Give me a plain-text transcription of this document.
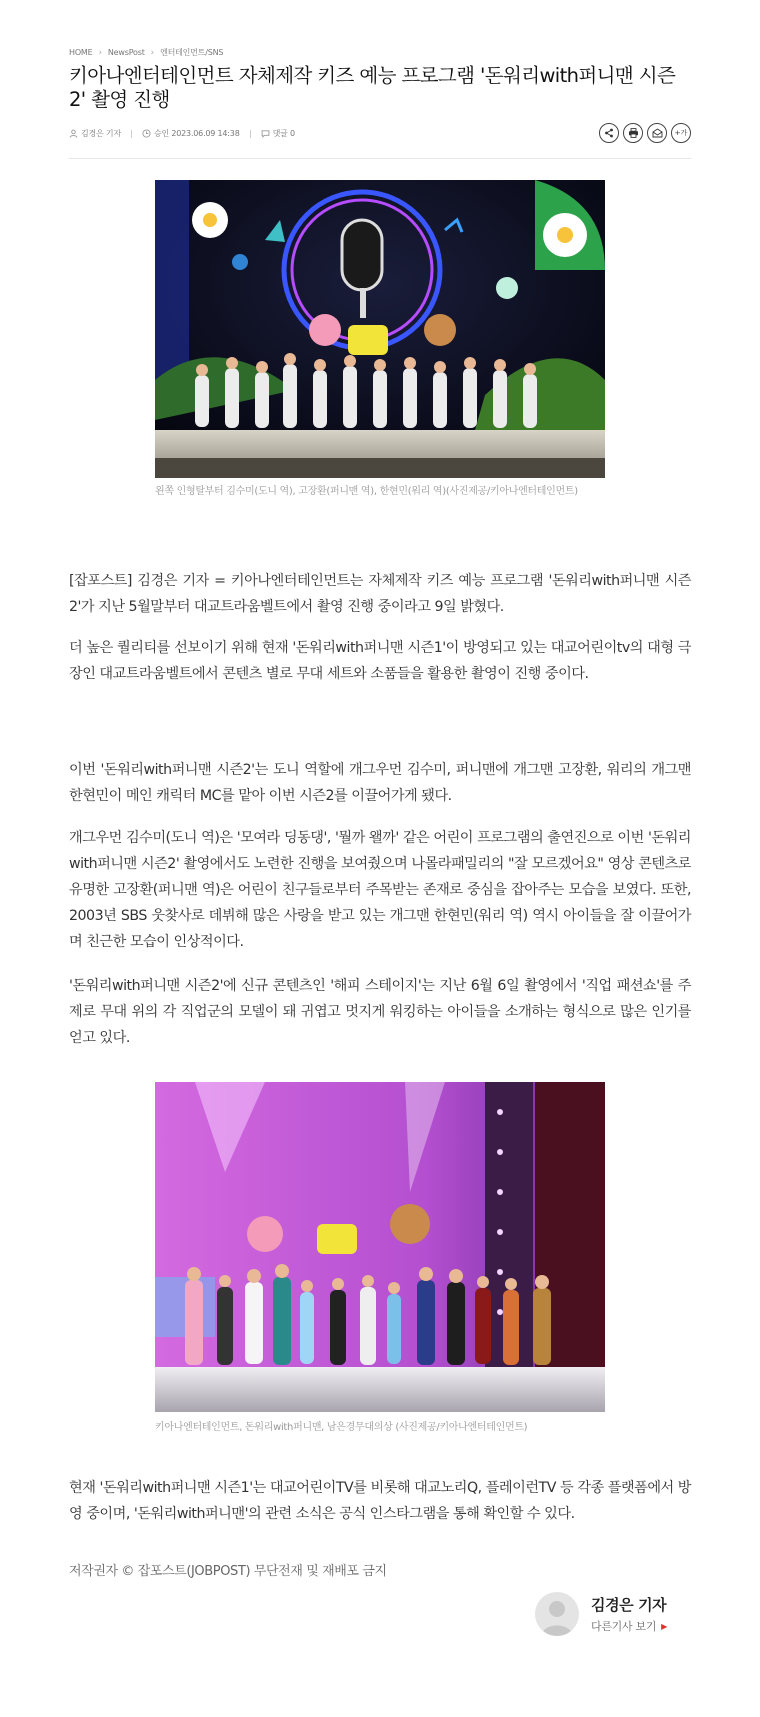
HOME › NewsPost › 엔터테인먼트/SNS
키아나엔터테인먼트 자체제작 키즈 예능 프로그램 '돈워리with퍼니맨 시즌2' 촬영 진행
김경은 기자	승인 2023.06.09 14:38	댓글 0	+가

왼쪽 인형탈부터 김수미(도니 역), 고장환(퍼니맨 역), 한현민(워리 역)(사진제공/키아나엔터테인먼트)

[잡포스트] 김경은 기자 = 키아나엔터테인먼트는 자체제작 키즈 예능 프로그램 '돈워리with퍼니맨 시즌2'가 지난 5월말부터 대교트라움벨트에서 촬영 진행 중이라고 9일 밝혔다.

더 높은 퀄리티를 선보이기 위해 현재 '돈워리with퍼니맨 시즌1'이 방영되고 있는 대교어린이tv의 대형 극장인 대교트라움벨트에서 콘텐츠 별로 무대 세트와 소품들을 활용한 촬영이 진행 중이다.

이번 '돈워리with퍼니맨 시즌2'는 도니 역할에 개그우먼 김수미, 퍼니맨에 개그맨 고장환, 워리의 개그맨 한현민이 메인 캐릭터 MC를 맡아 이번 시즌2를 이끌어가게 됐다.

개그우먼 김수미(도니 역)은 '모여라 딩동댕', '뭘까 왤까' 같은 어린이 프로그램의 출연진으로 이번 '돈워리with퍼니맨 시즌2' 촬영에서도 노련한 진행을 보여줬으며 나몰라패밀리의 "잘 모르겠어요" 영상 콘텐츠로 유명한 고장환(퍼니맨 역)은 어린이 친구들로부터 주목받는 존재로 중심을 잡아주는 모습을 보였다. 또한, 2003년 SBS 웃찾사로 데뷔해 많은 사랑을 받고 있는 개그맨 한현민(워리 역) 역시 아이들을 잘 이끌어가며 친근한 모습이 인상적이다.

'돈워리with퍼니맨 시즌2'에 신규 콘텐츠인 '해피 스테이지'는 지난 6월 6일 촬영에서 '직업 패션쇼'를 주제로 무대 위의 각 직업군의 모델이 돼 귀엽고 멋지게 워킹하는 아이들을 소개하는 형식으로 많은 인기를 얻고 있다.

키아나엔터테인먼트, 돈워리with퍼니맨, 남은경무대의상 (사진제공/키아나엔터테인먼트)

현재 '돈워리with퍼니맨 시즌1'는 대교어린이TV를 비롯해 대교노리Q, 플레이런TV 등 각종 플랫폼에서 방영 중이며, '돈워리with퍼니맨'의 관련 소식은 공식 인스타그램을 통해 확인할 수 있다.

저작권자 © 잡포스트(JOBPOST) 무단전재 및 재배포 금지

김경은 기자
다른기사 보기 ▶
